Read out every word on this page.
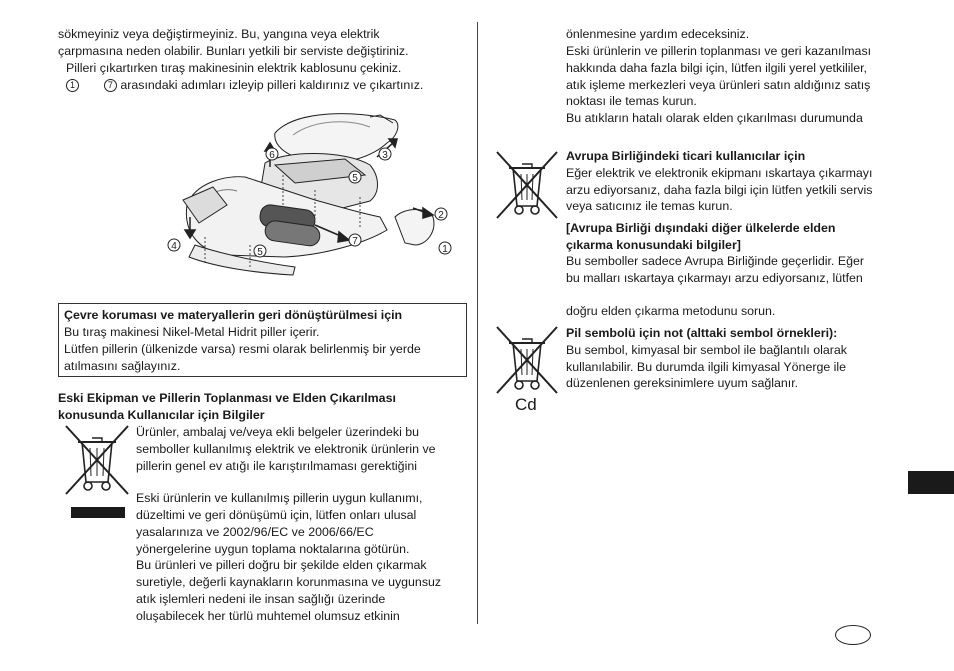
sökmeyiniz veya değiştirmeyiniz. Bu, yangına veya elektrik
çarpmasına neden olabilir. Bunları yetkili bir serviste değiştiriniz.
Pilleri çıkartırken tıraş makinesinin elektrik kablosunu çekiniz.
1	7 arasındaki adımları izleyip pilleri kaldırınız ve çıkartınız.
1
2
3
4
5
5
6
7
Çevre koruması ve materyallerin geri dönüştürülmesi için
Bu tıraş makinesi Nikel-Metal Hidrit piller içerir.
Lütfen pillerin (ülkenizde varsa) resmi olarak belirlenmiş bir yerde
atılmasını sağlayınız.
Eski Ekipman ve Pillerin Toplanması ve Elden Çıkarılması
konusunda Kullanıcılar için Bilgiler
Ürünler, ambalaj ve/veya ekli belgeler üzerindeki bu
semboller kullanılmış elektrik ve elektronik ürünlerin ve
pillerin genel ev atığı ile karıştırılmaması gerektiğini
Eski ürünlerin ve kullanılmış pillerin uygun kullanımı,
düzeltimi ve geri dönüşümü için, lütfen onları ulusal
yasalarınıza ve 2002/96/EC ve 2006/66/EC
yönergelerine uygun toplama noktalarına götürün.
Bu ürünleri ve pilleri doğru bir şekilde elden çıkarmak
suretiyle, değerli kaynakların korunmasına ve uygunsuz
atık işlemleri nedeni ile insan sağlığı üzerinde
oluşabilecek her türlü muhtemel olumsuz etkinin
önlenmesine yardım edeceksiniz.
Eski ürünlerin ve pillerin toplanması ve geri kazanılması
hakkında daha fazla bilgi için, lütfen ilgili yerel yetkililer,
atık işleme merkezleri veya ürünleri satın aldığınız satış
noktası ile temas kurun.
Bu atıkların hatalı olarak elden çıkarılması durumunda
Avrupa Birliğindeki ticari kullanıcılar için
Eğer elektrik ve elektronik ekipmanı ıskartaya çıkarmayı
arzu ediyorsanız, daha fazla bilgi için lütfen yetkili servis
veya satıcınız ile temas kurun.
[Avrupa Birliği dışındaki diğer ülkelerde elden
çıkarma konusundaki bilgiler]
Bu semboller sadece Avrupa Birliğinde geçerlidir. Eğer
bu malları ıskartaya çıkarmayı arzu ediyorsanız, lütfen
doğru elden çıkarma metodunu sorun.
Cd
Pil sembolü için not (alttaki sembol örnekleri):
Bu sembol, kimyasal bir sembol ile bağlantılı olarak
kullanılabilir. Bu durumda ilgili kimyasal Yönerge ile
düzenlenen gereksinimlere uyum sağlanır.
